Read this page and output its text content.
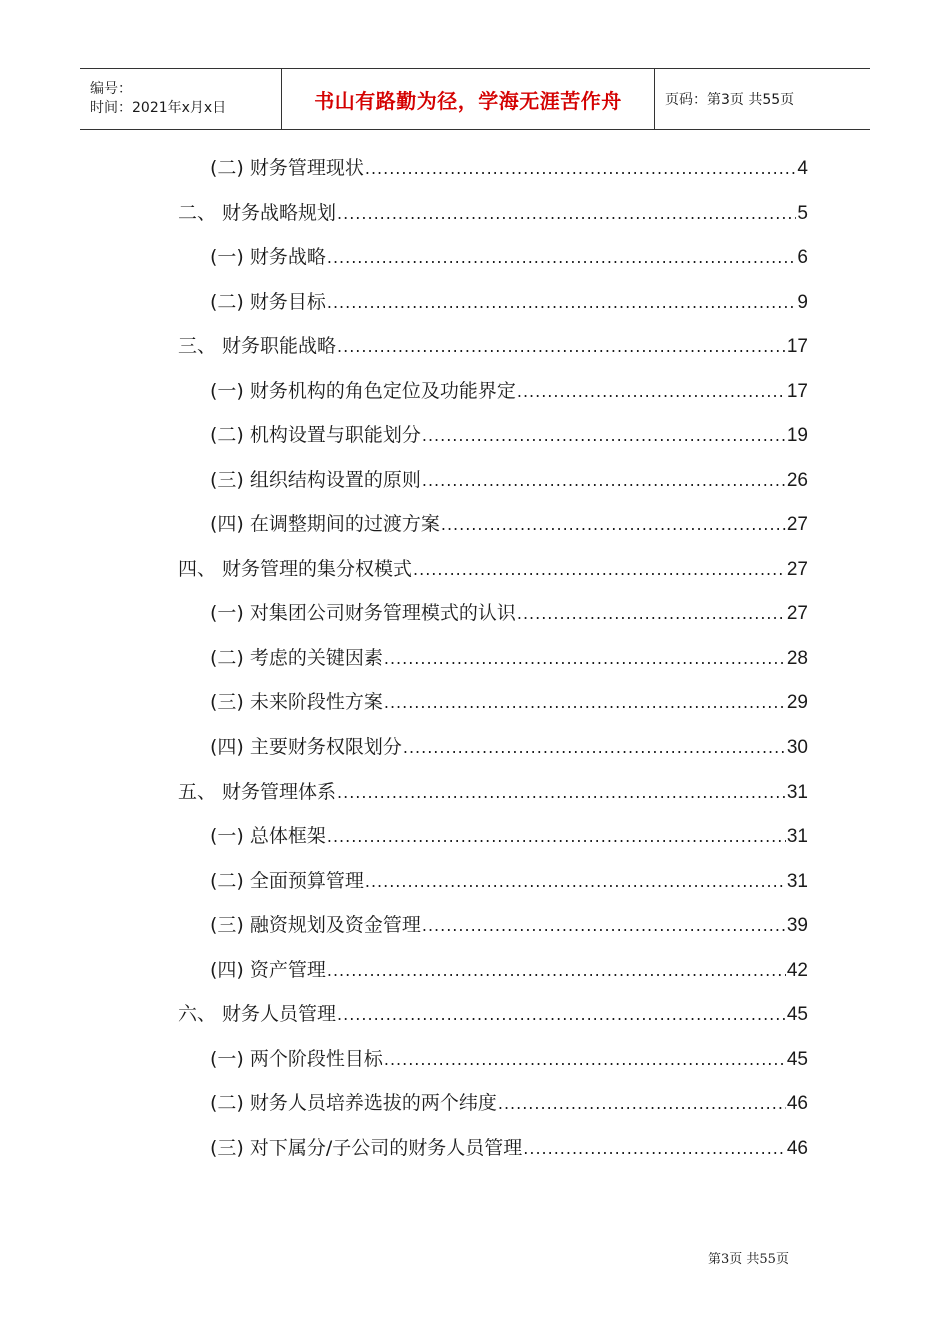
编号：
时间：2021年x月x日	书山有路勤为径，学海无涯苦作舟	页码：第3页 共55页
(二) 财务管理现状 .....	4
二、 财务战略规划 .....	5
(一) 财务战略 .....	6
(二) 财务目标 .....	9
三、 财务职能战略 .....	17
(一) 财务机构的角色定位及功能界定 .....	17
(二) 机构设置与职能划分 .....	19
(三) 组织结构设置的原则 .....	26
(四) 在调整期间的过渡方案 .....	27
四、 财务管理的集分权模式 .....	27
(一) 对集团公司财务管理模式的认识 .....	27
(二) 考虑的关键因素 .....	28
(三) 未来阶段性方案 .....	29
(四) 主要财务权限划分 .....	30
五、 财务管理体系 .....	31
(一) 总体框架 .....	31
(二) 全面预算管理 .....	31
(三) 融资规划及资金管理 .....	39
(四) 资产管理 .....	42
六、 财务人员管理 .....	45
(一) 两个阶段性目标 .....	45
(二) 财务人员培养选拔的两个纬度 .....	46
(三) 对下属分/子公司的财务人员管理 .....	46
第3页 共55页
